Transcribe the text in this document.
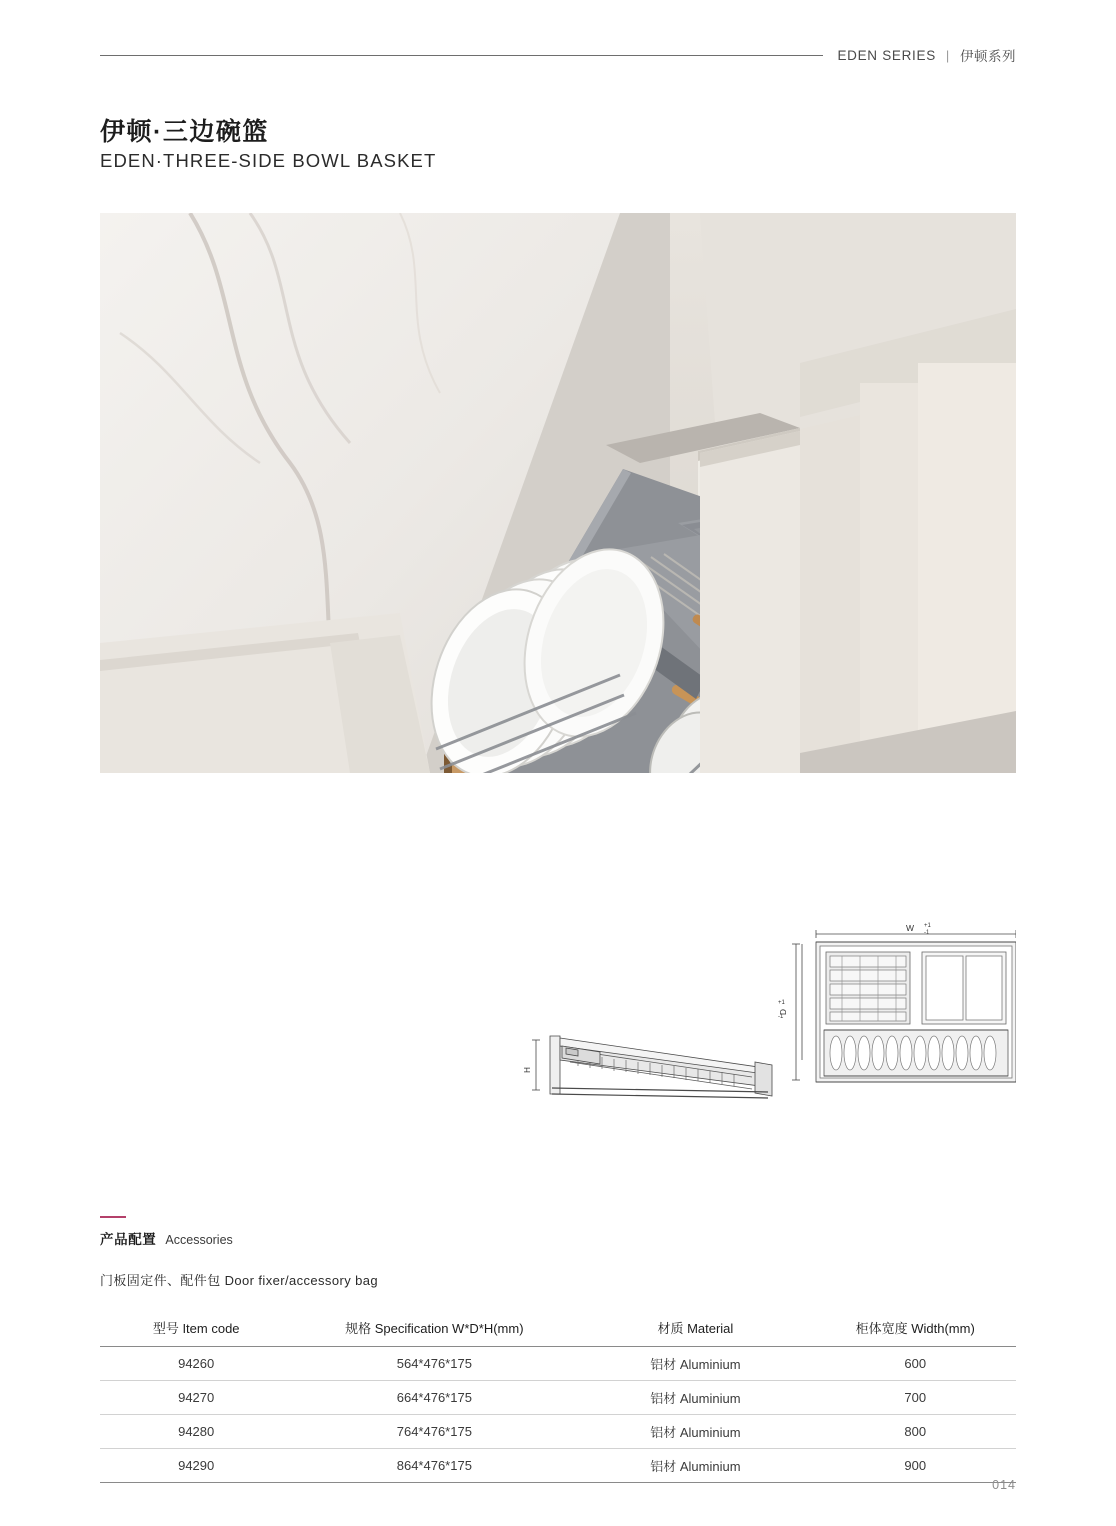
EDEN SERIES | 伊顿系列
伊顿·三边碗篮
EDEN·THREE-SIDE BOWL BASKET
H
W +1
-1
D
+1
-1
产品配置 Accessories
门板固定件、配件包 Door fixer/accessory bag
型号 Item code	规格 Specification W*D*H(mm)	材质 Material	柜体宽度 Width(mm)
94260	564*476*175	铝材 Aluminium	600
94270	664*476*175	铝材 Aluminium	700
94280	764*476*175	铝材 Aluminium	800
94290	864*476*175	铝材 Aluminium	900
014
